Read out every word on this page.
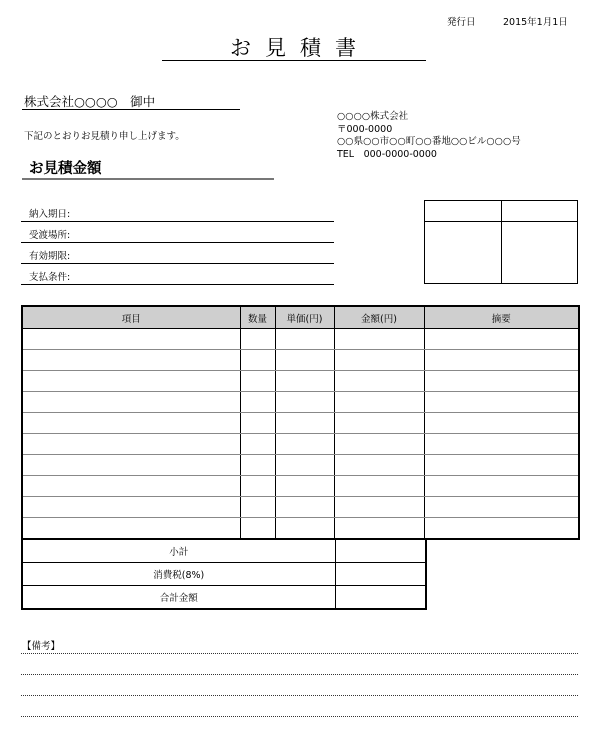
発行日	2015年1月1日
お見積書
株式会社○○○○　御中
下記のとおりお見積り申し上げます。
○○○○株式会社
〒000-0000
○○県○○市○○町○○番地○○ビル○○○号
TEL　000-0000-0000
お見積金額
納入期日:
受渡場所:
有効期限:
支払条件:
項目	数量	単価(円)	金額(円)	摘要

小計	
消費税(8%)	
合計金額	
【備考】
